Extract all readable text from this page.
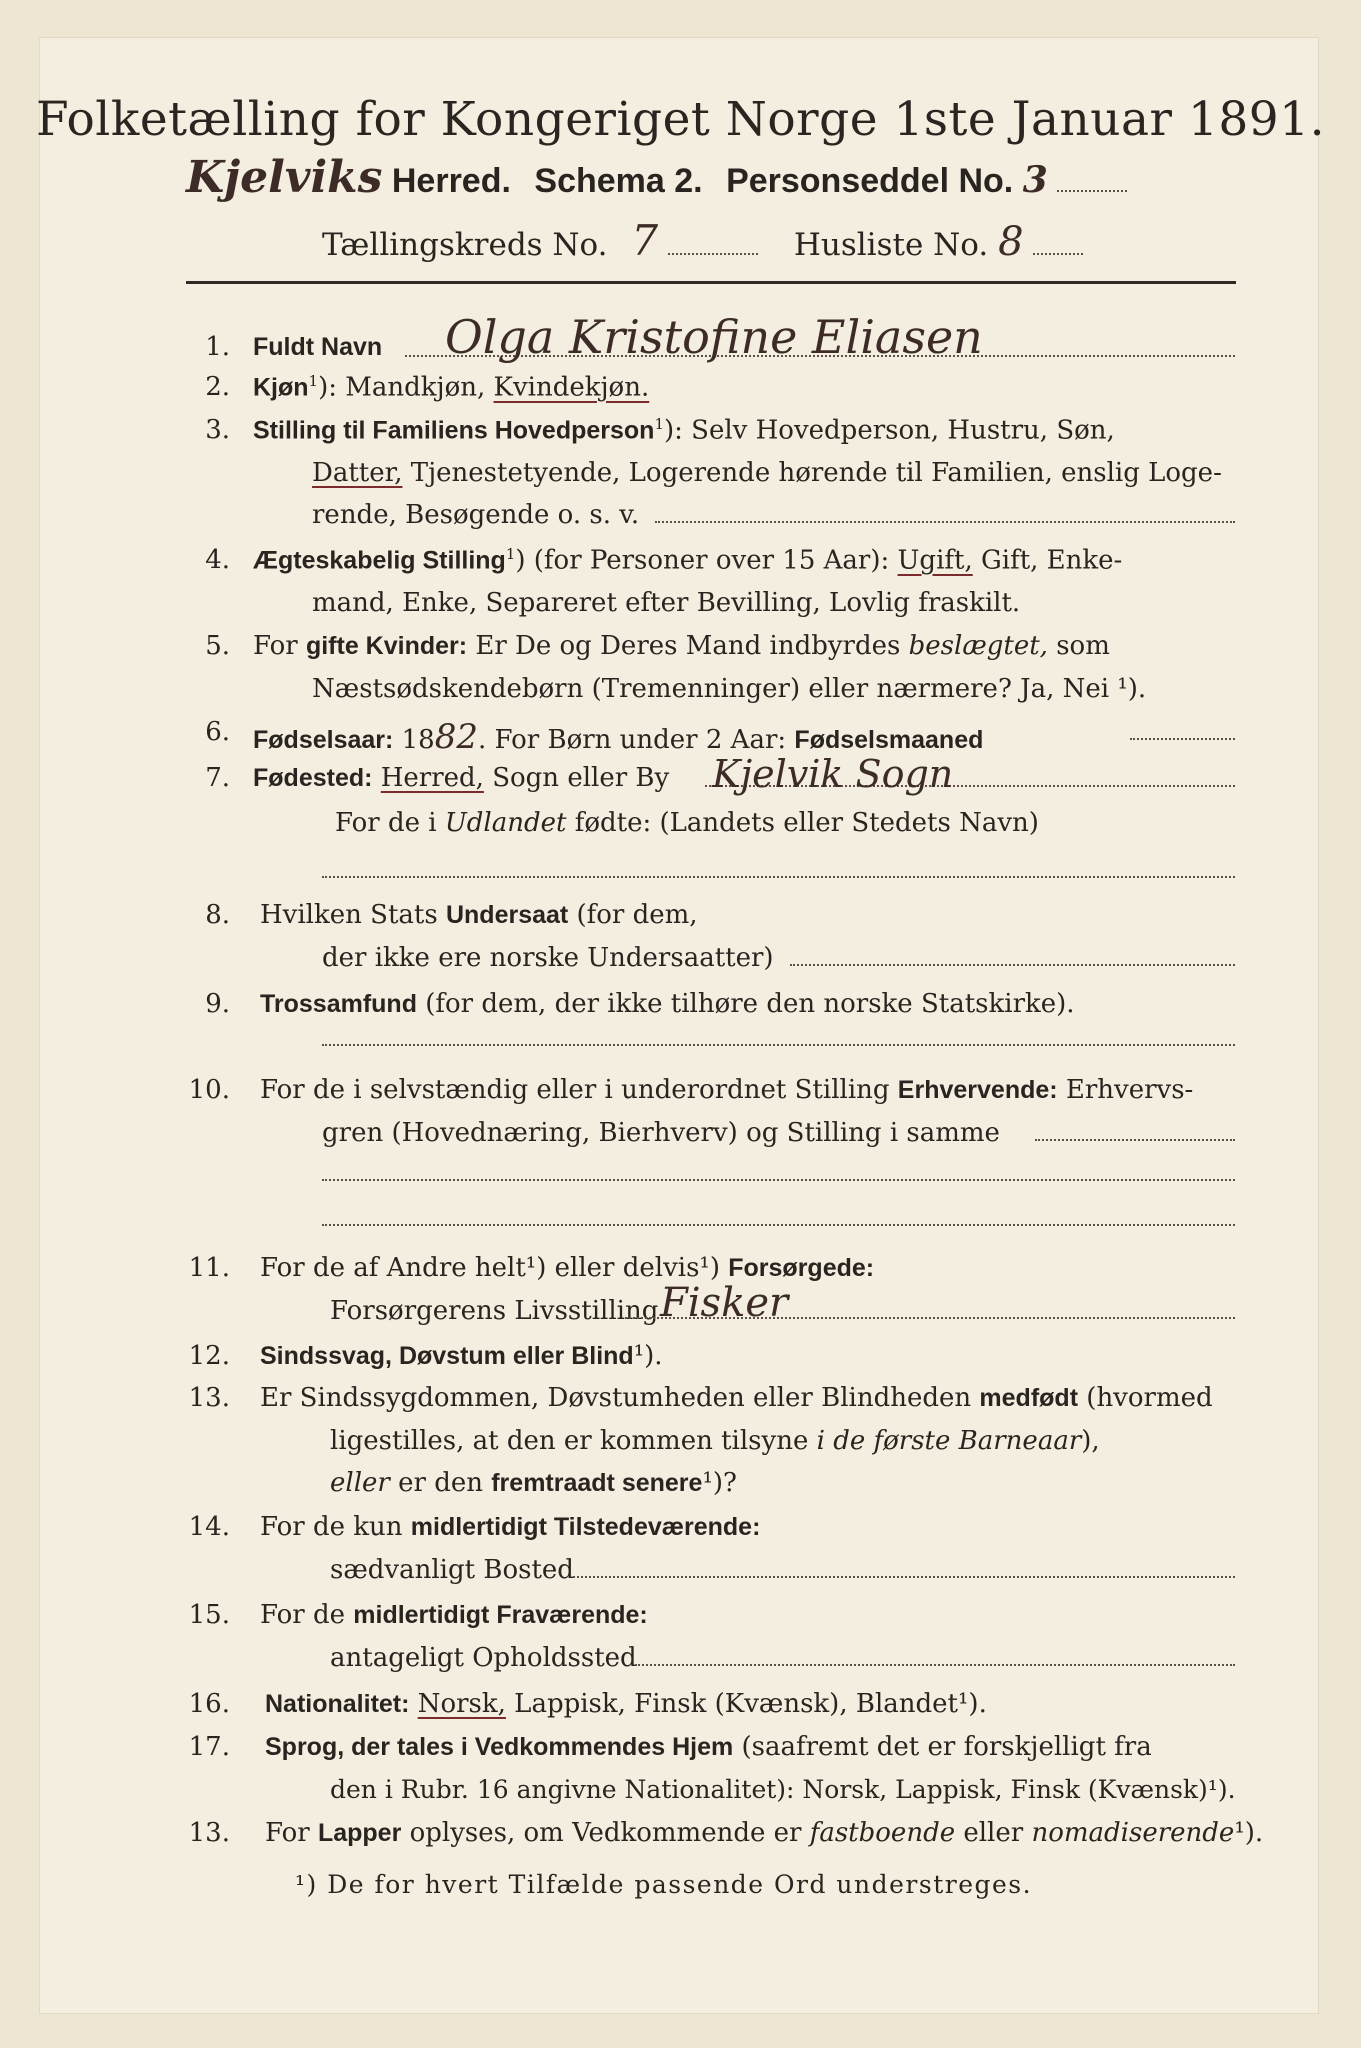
Folketælling for Kongeriget Norge 1ste Januar 1891.
Kjelviks Herred. Schema 2. Personseddel No. 3
Tællingskreds No. 7	Husliste No. 8
1. Fuldt Navn Olga Kristofine Eliasen
2. Kjøn$^1$): Mandkjøn, Kvindekjøn.
3. Stilling til Familiens Hovedperson$^1$): Selv Hovedperson, Hustru, Søn,
Datter, Tjenestetyende, Logerende hørende til Familien, enslig Loge-
rende, Besøgende o. s. v.
4. Ægteskabelig Stilling$^1$) (for Personer over 15 Aar): Ugift, Gift, Enke-
mand, Enke, Separeret efter Bevilling, Lovlig fraskilt.
5. For gifte Kvinder: Er De og Deres Mand indbyrdes beslægtet, som
Næstsødskendebørn (Tremenninger) eller nærmere? Ja, Nei ¹).
6. Fødselsaar: 1882. For Børn under 2 Aar: Fødselsmaaned
7. Fødested: Herred, Sogn eller By Kjelvik Sogn
For de i Udlandet fødte: (Landets eller Stedets Navn)
8. Hvilken Stats Undersaat (for dem,
der ikke ere norske Undersaatter)
9. Trossamfund (for dem, der ikke tilhøre den norske Statskirke).
10. For de i selvstændig eller i underordnet Stilling Erhvervende: Erhvervs-
gren (Hovednæring, Bierhverv) og Stilling i samme
11. For de af Andre helt¹) eller delvis¹) Forsørgede:
Forsørgerens Livsstilling Fisker
12. Sindssvag, Døvstum eller Blind¹).
13. Er Sindssygdommen, Døvstumheden eller Blindheden medfødt (hvormed
ligestilles, at den er kommen tilsyne i de første Barneaar),
eller er den fremtraadt senere¹)?
14. For de kun midlertidigt Tilstedeværende:
sædvanligt Bosted
15. For de midlertidigt Fraværende:
antageligt Opholdssted
16. Nationalitet: Norsk, Lappisk, Finsk (Kvænsk), Blandet¹).
17. Sprog, der tales i Vedkommendes Hjem (saafremt det er forskjelligt fra
den i Rubr. 16 angivne Nationalitet): Norsk, Lappisk, Finsk (Kvænsk)¹).
13. For Lapper oplyses, om Vedkommende er fastboende eller nomadiserende¹).
¹) De for hvert Tilfælde passende Ord understreges.
